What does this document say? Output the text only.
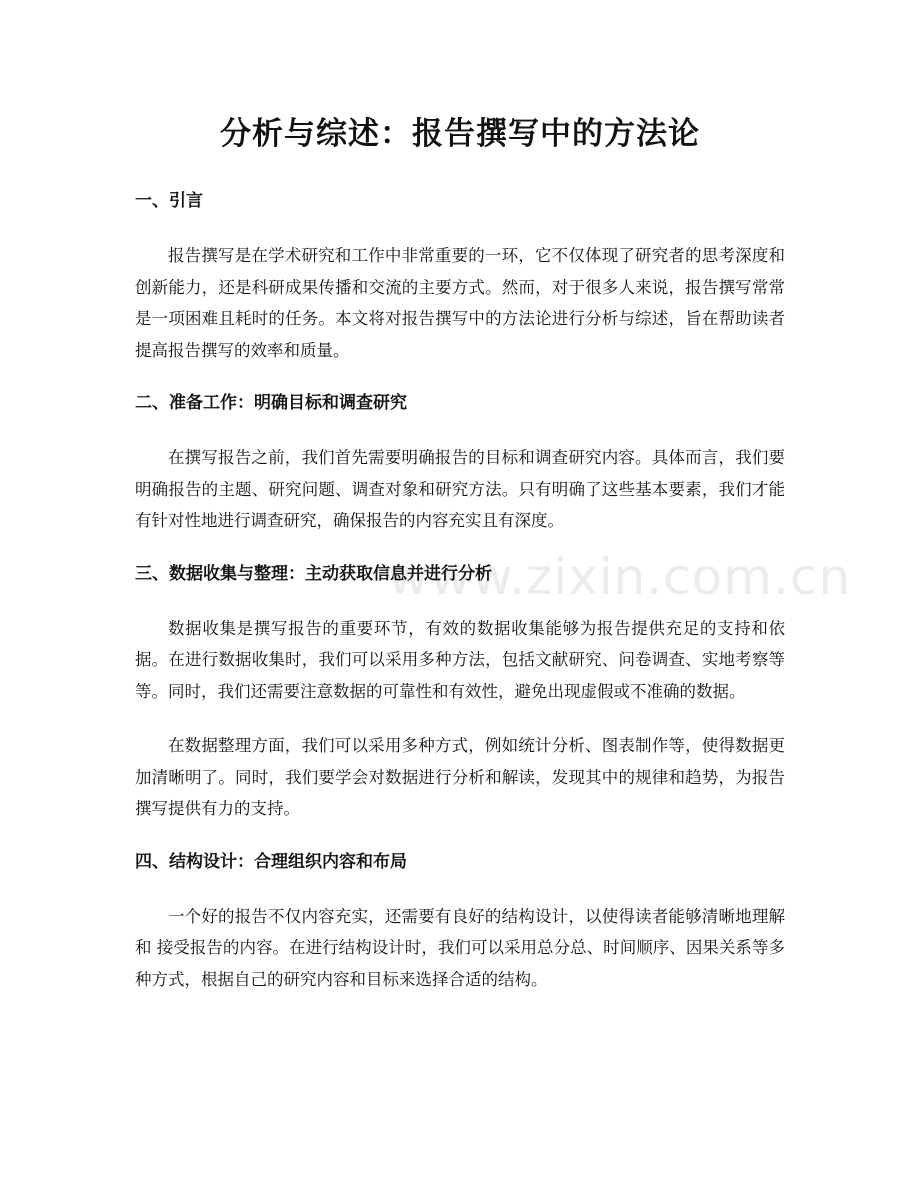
www.zixin.com.cn
分析与综述：报告撰写中的方法论
一、引言

报告撰写是在学术研究和工作中非常重要的一环，它不仅体现了研究者的思考深度和创新能力，还是科研成果传播和交流的主要方式。然而，对于很多人来说，报告撰写常常是一项困难且耗时的任务。本文将对报告撰写中的方法论进行分析与综述，旨在帮助读者提高报告撰写的效率和质量。

二、准备工作：明确目标和调查研究

在撰写报告之前，我们首先需要明确报告的目标和调查研究内容。具体而言，我们要明确报告的主题、研究问题、调查对象和研究方法。只有明确了这些基本要素，我们才能有针对性地进行调查研究，确保报告的内容充实且有深度。

三、数据收集与整理：主动获取信息并进行分析

数据收集是撰写报告的重要环节，有效的数据收集能够为报告提供充足的支持和依据。在进行数据收集时，我们可以采用多种方法，包括文献研究、问卷调查、实地考察等等。同时，我们还需要注意数据的可靠性和有效性，避免出现虚假或不准确的数据。

在数据整理方面，我们可以采用多种方式，例如统计分析、图表制作等，使得数据更加清晰明了。同时，我们要学会对数据进行分析和解读，发现其中的规律和趋势，为报告撰写提供有力的支持。

四、结构设计：合理组织内容和布局

一个好的报告不仅内容充实，还需要有良好的结构设计，以使得读者能够清晰地理解和 接受报告的内容。在进行结构设计时，我们可以采用总分总、时间顺序、因果关系等多种方式，根据自己的研究内容和目标来选择合适的结构。
